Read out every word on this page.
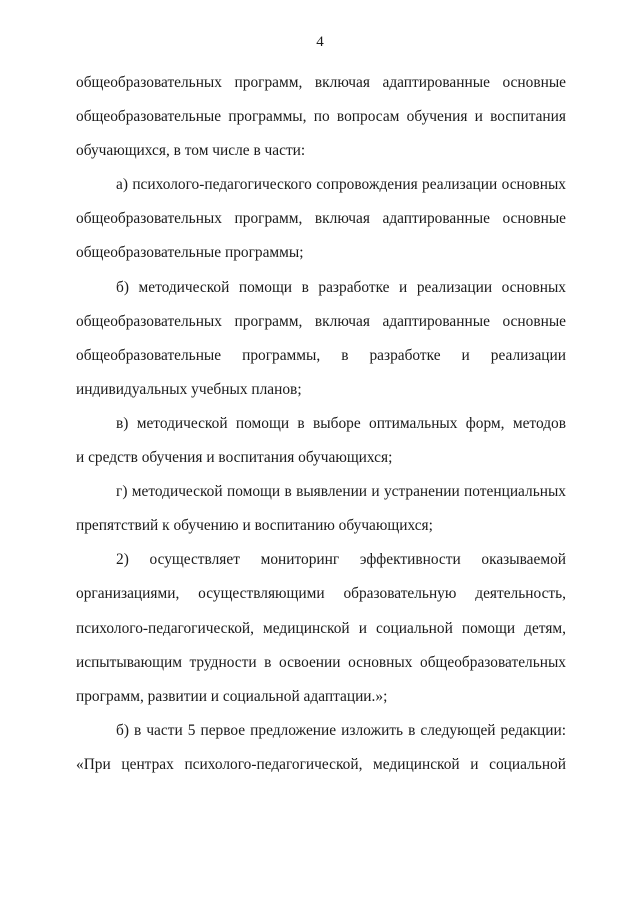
4
общеобразовательных программ, включая адаптированные основные
общеобразовательные программы, по вопросам обучения и воспитания
обучающихся, в том числе в части:
а) психолого-педагогического сопровождения реализации основных
общеобразовательных программ, включая адаптированные основные
общеобразовательные программы;
б) методической помощи в разработке и реализации основных
общеобразовательных программ, включая адаптированные основные
общеобразовательные программы, в разработке и реализации
индивидуальных учебных планов;
в) методической помощи в выборе оптимальных форм, методов
и средств обучения и воспитания обучающихся;
г) методической помощи в выявлении и устранении потенциальных
препятствий к обучению и воспитанию обучающихся;
2) осуществляет мониторинг эффективности оказываемой
организациями, осуществляющими образовательную деятельность,
психолого-педагогической, медицинской и социальной помощи детям,
испытывающим трудности в освоении основных общеобразовательных
программ, развитии и социальной адаптации.»;
б) в части 5 первое предложение изложить в следующей редакции:
«При центрах психолого-педагогической, медицинской и социальной
